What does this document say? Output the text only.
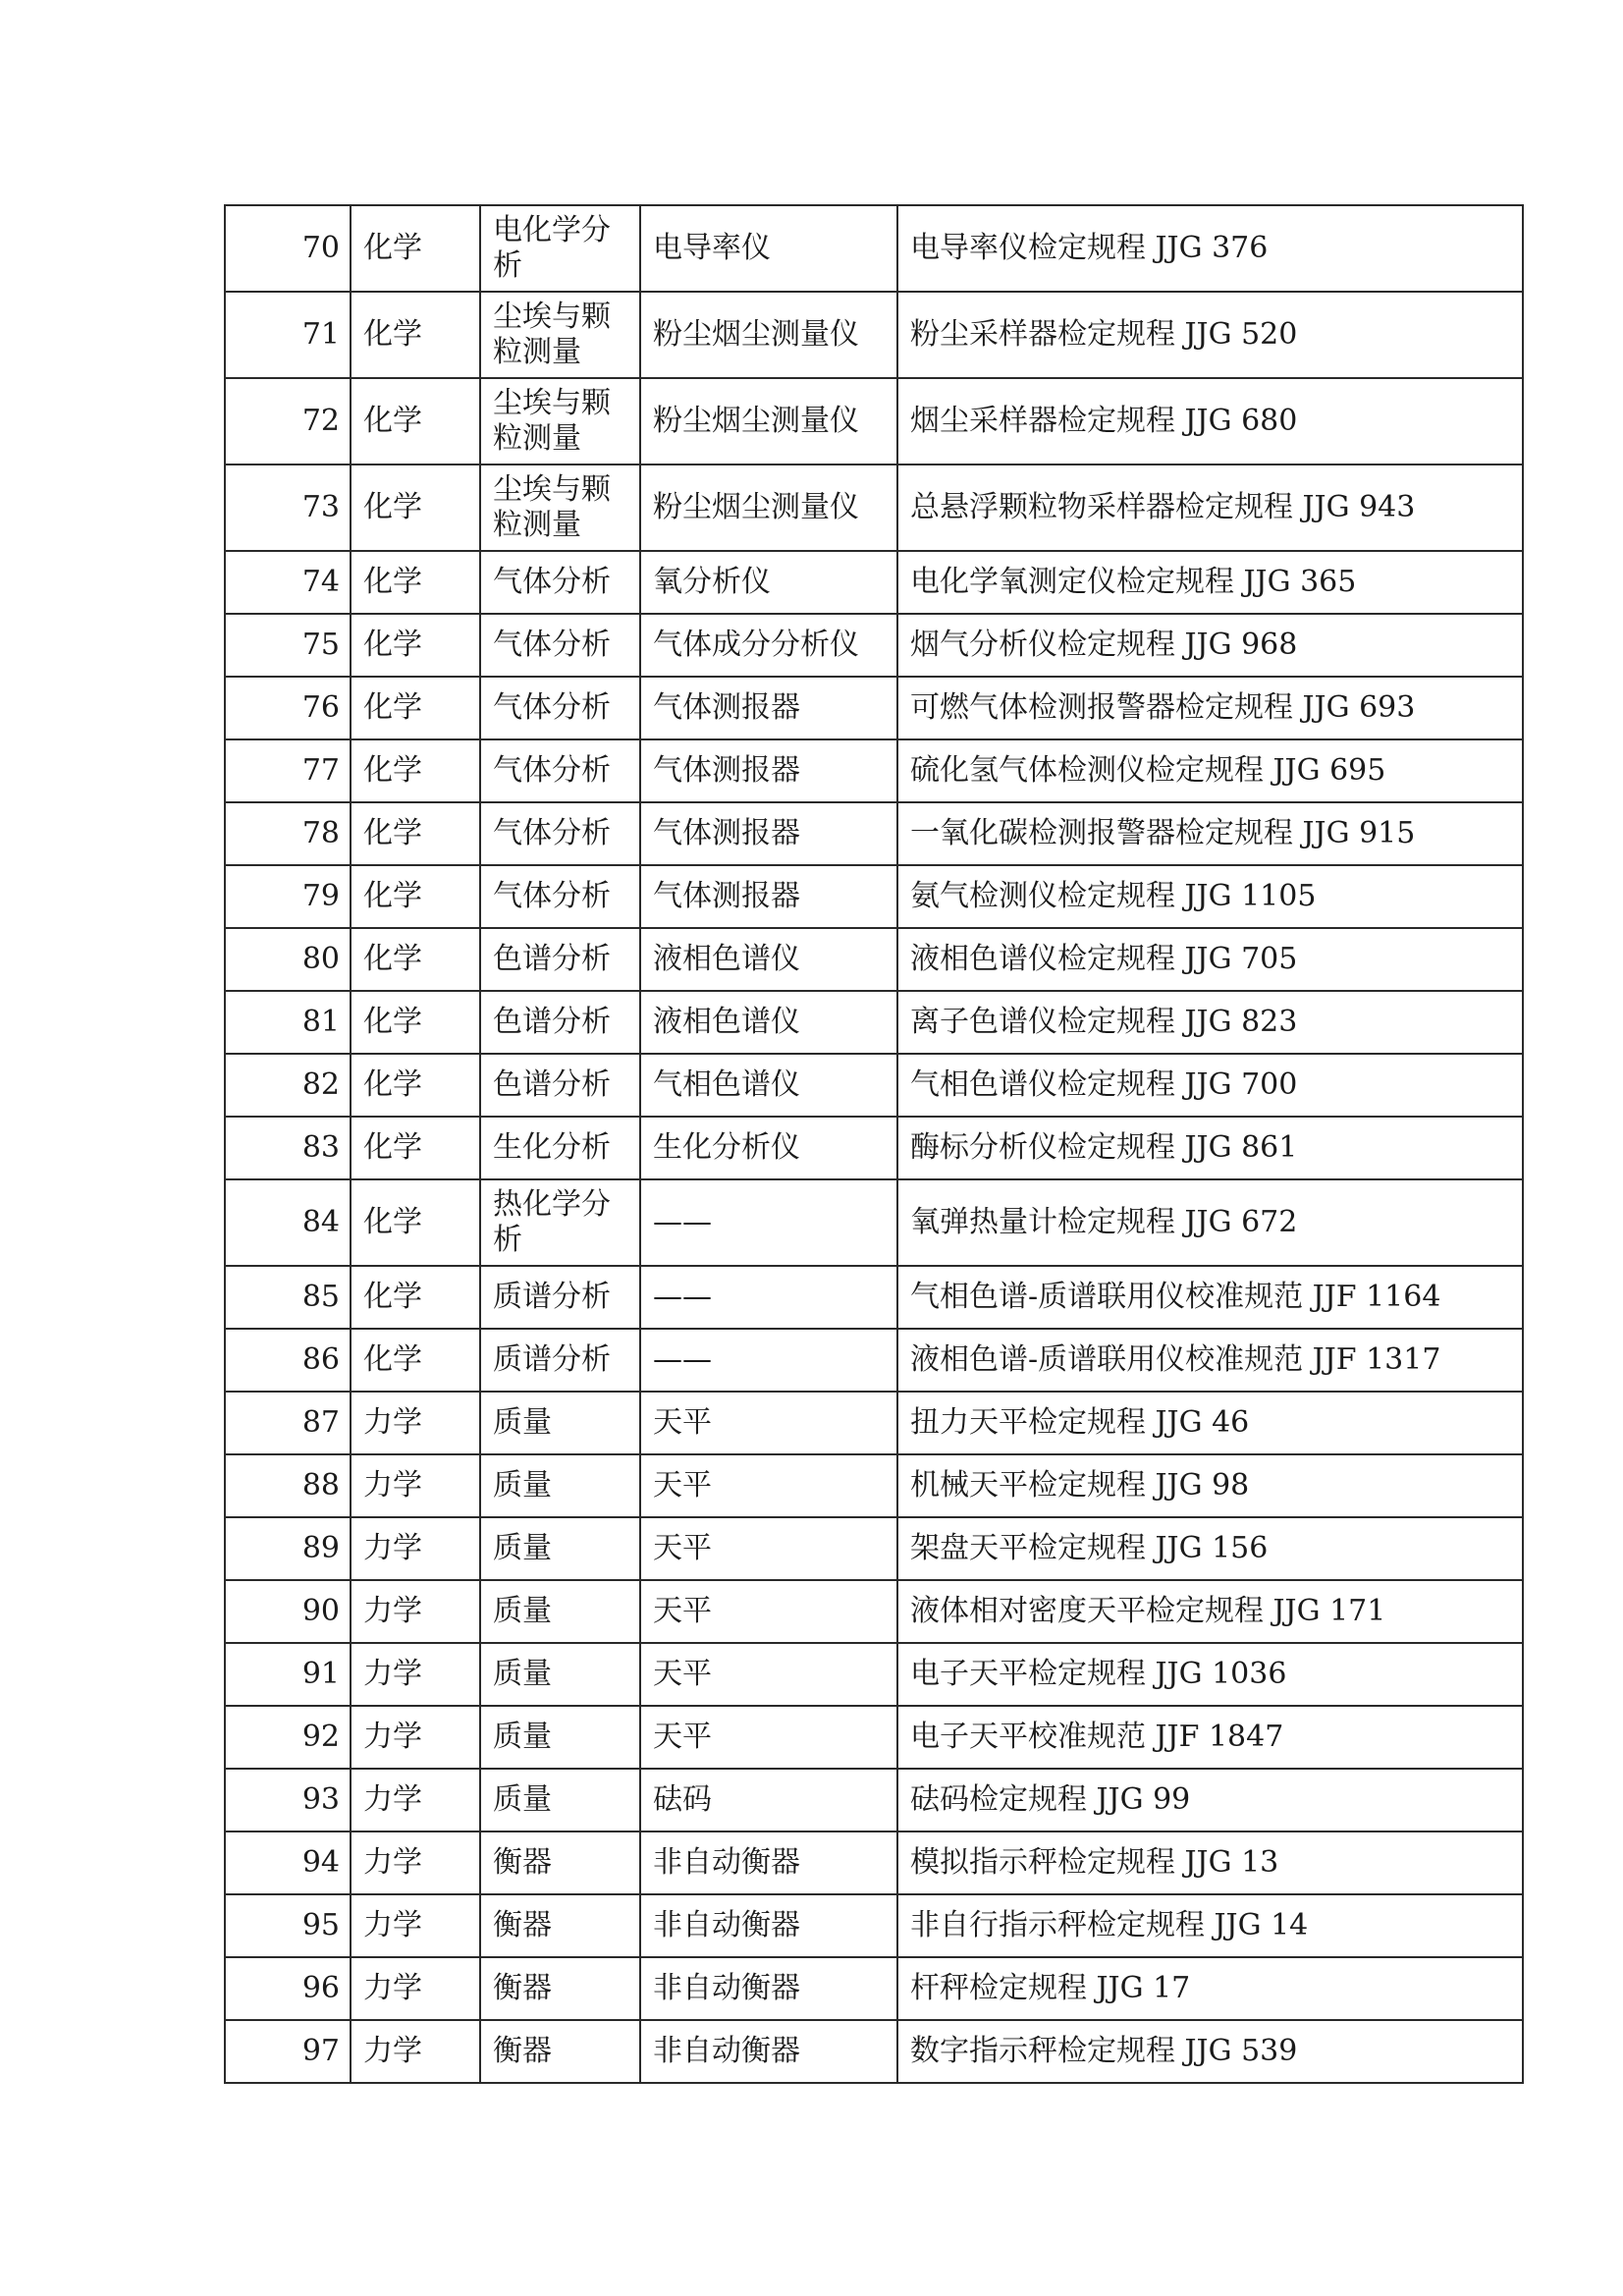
70	化学	电化学分析	电导率仪	电导率仪检定规程 JJG 376
71	化学	尘埃与颗粒测量	粉尘烟尘测量仪	粉尘采样器检定规程 JJG 520
72	化学	尘埃与颗粒测量	粉尘烟尘测量仪	烟尘采样器检定规程 JJG 680
73	化学	尘埃与颗粒测量	粉尘烟尘测量仪	总悬浮颗粒物采样器检定规程 JJG 943
74	化学	气体分析	氧分析仪	电化学氧测定仪检定规程 JJG 365
75	化学	气体分析	气体成分分析仪	烟气分析仪检定规程 JJG 968
76	化学	气体分析	气体测报器	可燃气体检测报警器检定规程 JJG 693
77	化学	气体分析	气体测报器	硫化氢气体检测仪检定规程 JJG 695
78	化学	气体分析	气体测报器	一氧化碳检测报警器检定规程 JJG 915
79	化学	气体分析	气体测报器	氨气检测仪检定规程 JJG 1105
80	化学	色谱分析	液相色谱仪	液相色谱仪检定规程 JJG 705
81	化学	色谱分析	液相色谱仪	离子色谱仪检定规程 JJG 823
82	化学	色谱分析	气相色谱仪	气相色谱仪检定规程 JJG 700
83	化学	生化分析	生化分析仪	酶标分析仪检定规程 JJG 861
84	化学	热化学分析	——	氧弹热量计检定规程 JJG 672
85	化学	质谱分析	——	气相色谱-质谱联用仪校准规范 JJF 1164
86	化学	质谱分析	——	液相色谱-质谱联用仪校准规范 JJF 1317
87	力学	质量	天平	扭力天平检定规程 JJG 46
88	力学	质量	天平	机械天平检定规程 JJG 98
89	力学	质量	天平	架盘天平检定规程 JJG 156
90	力学	质量	天平	液体相对密度天平检定规程 JJG 171
91	力学	质量	天平	电子天平检定规程 JJG 1036
92	力学	质量	天平	电子天平校准规范 JJF 1847
93	力学	质量	砝码	砝码检定规程 JJG 99
94	力学	衡器	非自动衡器	模拟指示秤检定规程 JJG 13
95	力学	衡器	非自动衡器	非自行指示秤检定规程 JJG 14
96	力学	衡器	非自动衡器	杆秤检定规程 JJG 17
97	力学	衡器	非自动衡器	数字指示秤检定规程 JJG 539
